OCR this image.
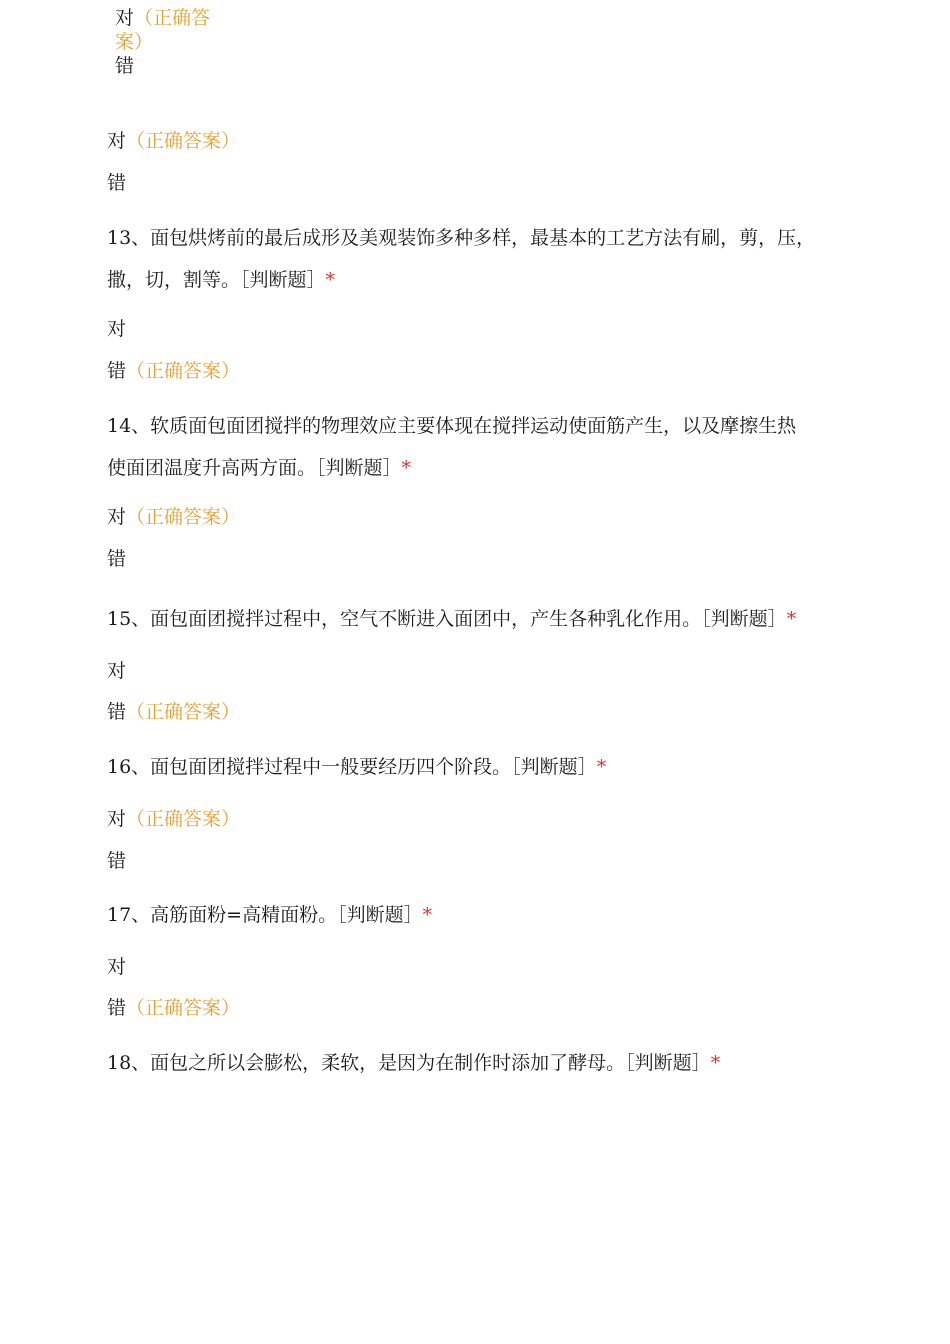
对（正确答案）
错
对（正确答案）
错
13、面包烘烤前的最后成形及美观装饰多种多样，最基本的工艺方法有刷，剪，压，
撒，切，割等。［判断题］*
对
错（正确答案）
14、软质面包面团搅拌的物理效应主要体现在搅拌运动使面筋产生，以及摩擦生热
使面团温度升高两方面。［判断题］*
对（正确答案）
错
15、面包面团搅拌过程中，空气不断进入面团中，产生各种乳化作用。［判断题］*
对
错（正确答案）
16、面包面团搅拌过程中一般要经历四个阶段。［判断题］*
对（正确答案）
错
17、高筋面粉=高精面粉。［判断题］*
对
错（正确答案）
18、面包之所以会膨松，柔软，是因为在制作时添加了酵母。［判断题］*
